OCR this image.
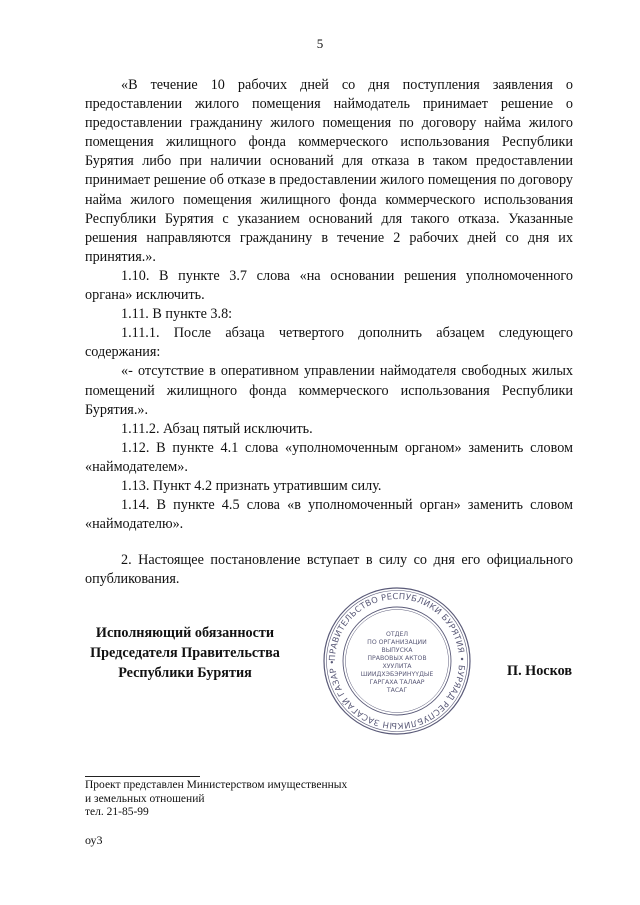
5

«В течение 10 рабочих дней со дня поступления заявления о предоставлении жилого помещения наймодатель принимает решение о предоставлении гражданину жилого помещения по договору найма жилого помещения жилищного фонда коммерческого использования Республики Бурятия либо при наличии оснований для отказа в таком предоставлении принимает решение об отказе в предоставлении жилого помещения по договору найма жилого помещения жилищного фонда коммерческого использования Республики Бурятия с указанием оснований для такого отказа. Указанные решения направляются гражданину в течение 2 рабочих дней со дня их принятия.».

1.10. В пункте 3.7 слова «на основании решения уполномоченного органа» исключить.

1.11. В пункте 3.8:

1.11.1. После абзаца четвертого дополнить абзацем следующего содержания:

«- отсутствие в оперативном управлении наймодателя свободных жилых помещений жилищного фонда коммерческого использования Республики Бурятия.».

1.11.2. Абзац пятый исключить.

1.12. В пункте 4.1 слова «уполномоченным органом» заменить словом «наймодателем».

1.13. Пункт 4.2 признать утратившим силу.

1.14. В пункте 4.5 слова «в уполномоченный орган» заменить словом «наймодателю».

2. Настоящее постановление вступает в силу со дня его официального опубликования.

Исполняющий обязанности
Председателя Правительства
Республики Бурятия
ПРАВИТЕЛЬСТВО РЕСПУБЛИКИ БУРЯТИЯ • БУРЯАД РЕСПУБЛИКЫН ЗАСАГАЙ ГАЗАР •
ОТДЕЛ
ПО ОРГАНИЗАЦИИ
ВЫПУСКА
ПРАВОВЫХ АКТОВ
ХУУЛИТА
ШИИДХЭБЭРИНҮҮДЫЕ
ГАРГАХА ТАЛААР
ТАСАГ
П. Носков
Проект представлен Министерством имущественных
и земельных отношений
тел. 21-85-99
оу3
